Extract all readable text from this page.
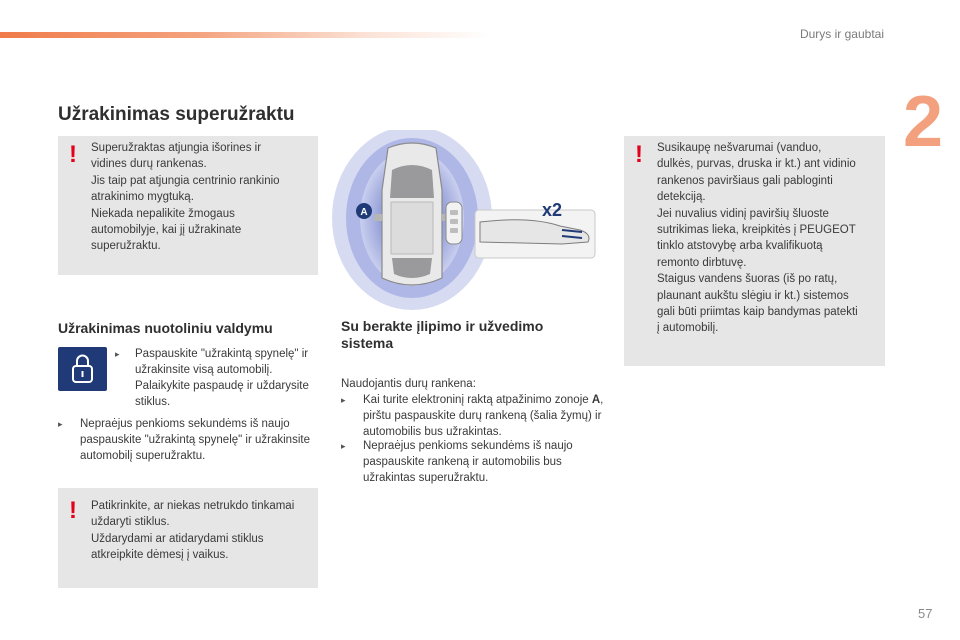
Durys ir gaubtai
2
57
Užrakinimas superužraktu
! Superužraktas atjungia išorines ir

vidines durų rankenas.

Jis taip pat atjungia centrinio rankinio

atrakinimo mygtuką.

Niekada nepalikite žmogaus

automobilyje, kai jį užrakinate

superužraktu.

Užrakinimas nuotoliniu valdymu
▸	Paspauskite "užrakintą spynelę" ir užrakinsite visą automobilį. Palaikykite paspaudę ir uždarysite stiklus.

▸	Nepraėjus penkioms sekundėms iš naujo paspauskite "užrakintą spynelę" ir užrakinsite automobilį superužraktu.

! Patikrinkite, ar niekas netrukdo tinkamai

uždaryti stiklus.

Uždarydami ar atidarydami stiklus

atkreipkite dėmesį į vaikus.

A	x2
Su berakte įlipimo ir užvedimo sistema
Naudojantis durų rankena:
▸	Kai turite elektroninį raktą atpažinimo zonoje A, pirštu paspauskite durų rankeną (šalia žymų) ir automobilis bus užrakintas.

▸	Nepraėjus penkioms sekundėms iš naujo paspauskite rankeną ir automobilis bus užrakintas superužraktu.

! Susikaupę nešvarumai (vanduo,

dulkės, purvas, druska ir kt.) ant vidinio

rankenos paviršiaus gali pabloginti

detekciją.

Jei nuvalius vidinį paviršių šluoste

sutrikimas lieka, kreipkitės į PEUGEOT

tinklo atstovybę arba kvalifikuotą

remonto dirbtuvę.

Staigus vandens šuoras (iš po ratų,

plaunant aukštu slėgiu ir kt.) sistemos

gali būti priimtas kaip bandymas patekti

į automobilį.
